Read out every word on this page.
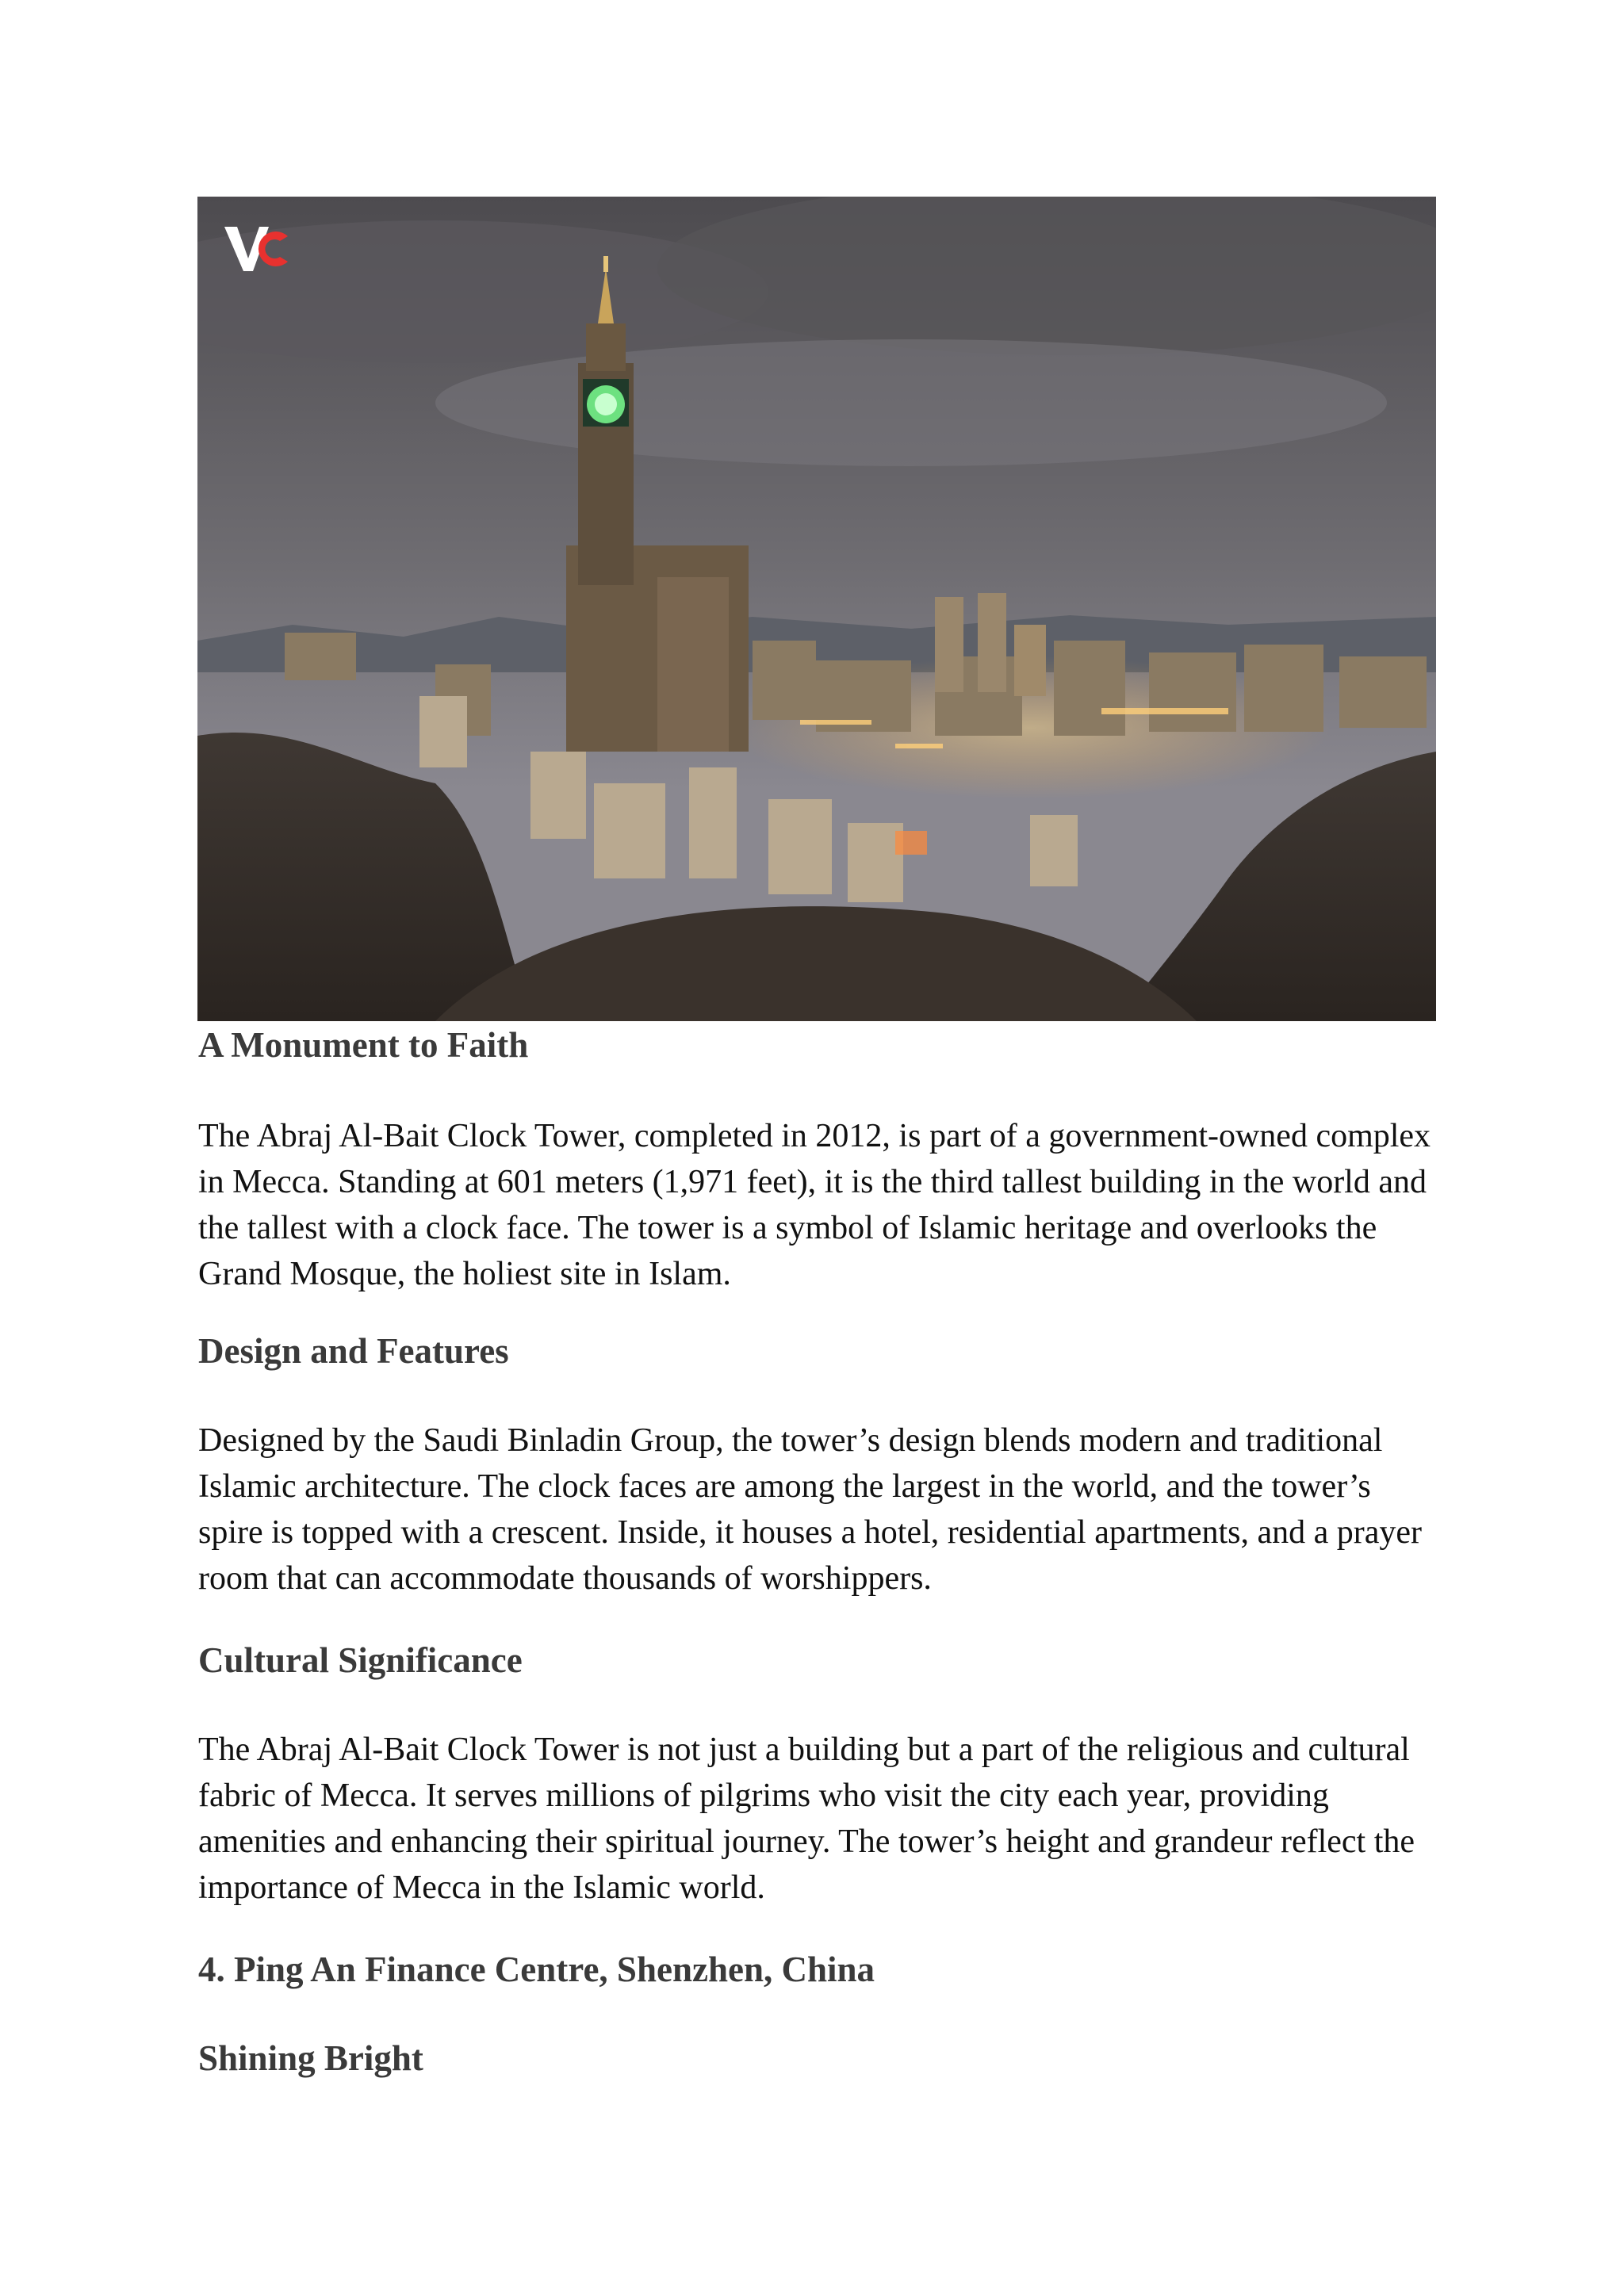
A Monument to Faith

The Abraj Al-Bait Clock Tower, completed in 2012, is part of a government-owned complex in Mecca. Standing at 601 meters (1,971 feet), it is the third tallest building in the world and the tallest with a clock face. The tower is a symbol of Islamic heritage and overlooks the Grand Mosque, the holiest site in Islam.

Design and Features

Designed by the Saudi Binladin Group, the tower’s design blends modern and traditional Islamic architecture. The clock faces are among the largest in the world, and the tower’s spire is topped with a crescent. Inside, it houses a hotel, residential apartments, and a prayer room that can accommodate thousands of worshippers.

Cultural Significance

The Abraj Al-Bait Clock Tower is not just a building but a part of the religious and cultural fabric of Mecca. It serves millions of pilgrims who visit the city each year, providing amenities and enhancing their spiritual journey. The tower’s height and grandeur reflect the importance of Mecca in the Islamic world.

4. Ping An Finance Centre, Shenzhen, China
Shining Bright
